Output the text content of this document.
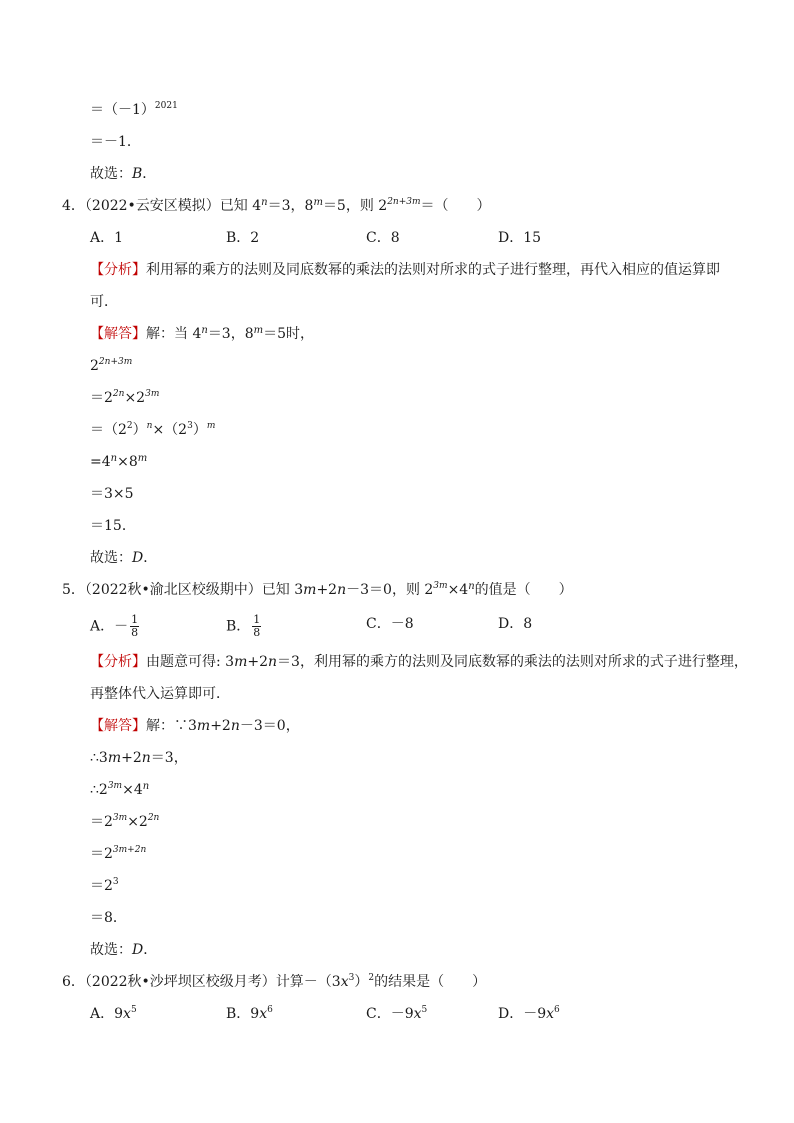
$=(-1)^{2021}$
＝－1．
故选：B．
4．（2022•云安区模拟）已知 $4^n=3$，$8^m=5$，则 $2^{2n+3m}=$（　　）
A．1	B．2	C．8	D．15
【分析】利用幂的乘方的法则及同底数幂的乘法的法则对所求的式子进行整理，再代入相应的值运算即
可．
【解答】解：当 $4^n=3$，$8^m=5$时，
$2^{2n+3m}$
$=2^{2n}\times 2^{3m}$
$=(2^2)^n\times(2^3)^m$
$=4^n\times 8^m$
＝3×5
＝15．
故选：D．
5．（2022秋•渝北区校级期中）已知 3m+2n－3＝0，则 $2^{3m}\times 4^n$的值是（　　）
A．－ $\frac{1}{8}$	B． $\frac{1}{8}$	C．－8	D．8
【分析】由题意可得: 3m+2n＝3，利用幂的乘方的法则及同底数幂的乘法的法则对所求的式子进行整理，
再整体代入运算即可．
【解答】解：∵3m+2n－3＝0，
∴3m+2n＝3，
$\therefore 2^{3m}\times 4^n$
$=2^{3m}\times 2^{2n}$
$=2^{3m+2n}$
$=2^3$
＝8．
故选：D．
6．（2022秋•沙坪坝区校级月考）计算$-(3x^3)^2$的结果是（　　）
A．$9x^5$	B．$9x^6$	C．$-9x^5$	D．$-9x^6$
